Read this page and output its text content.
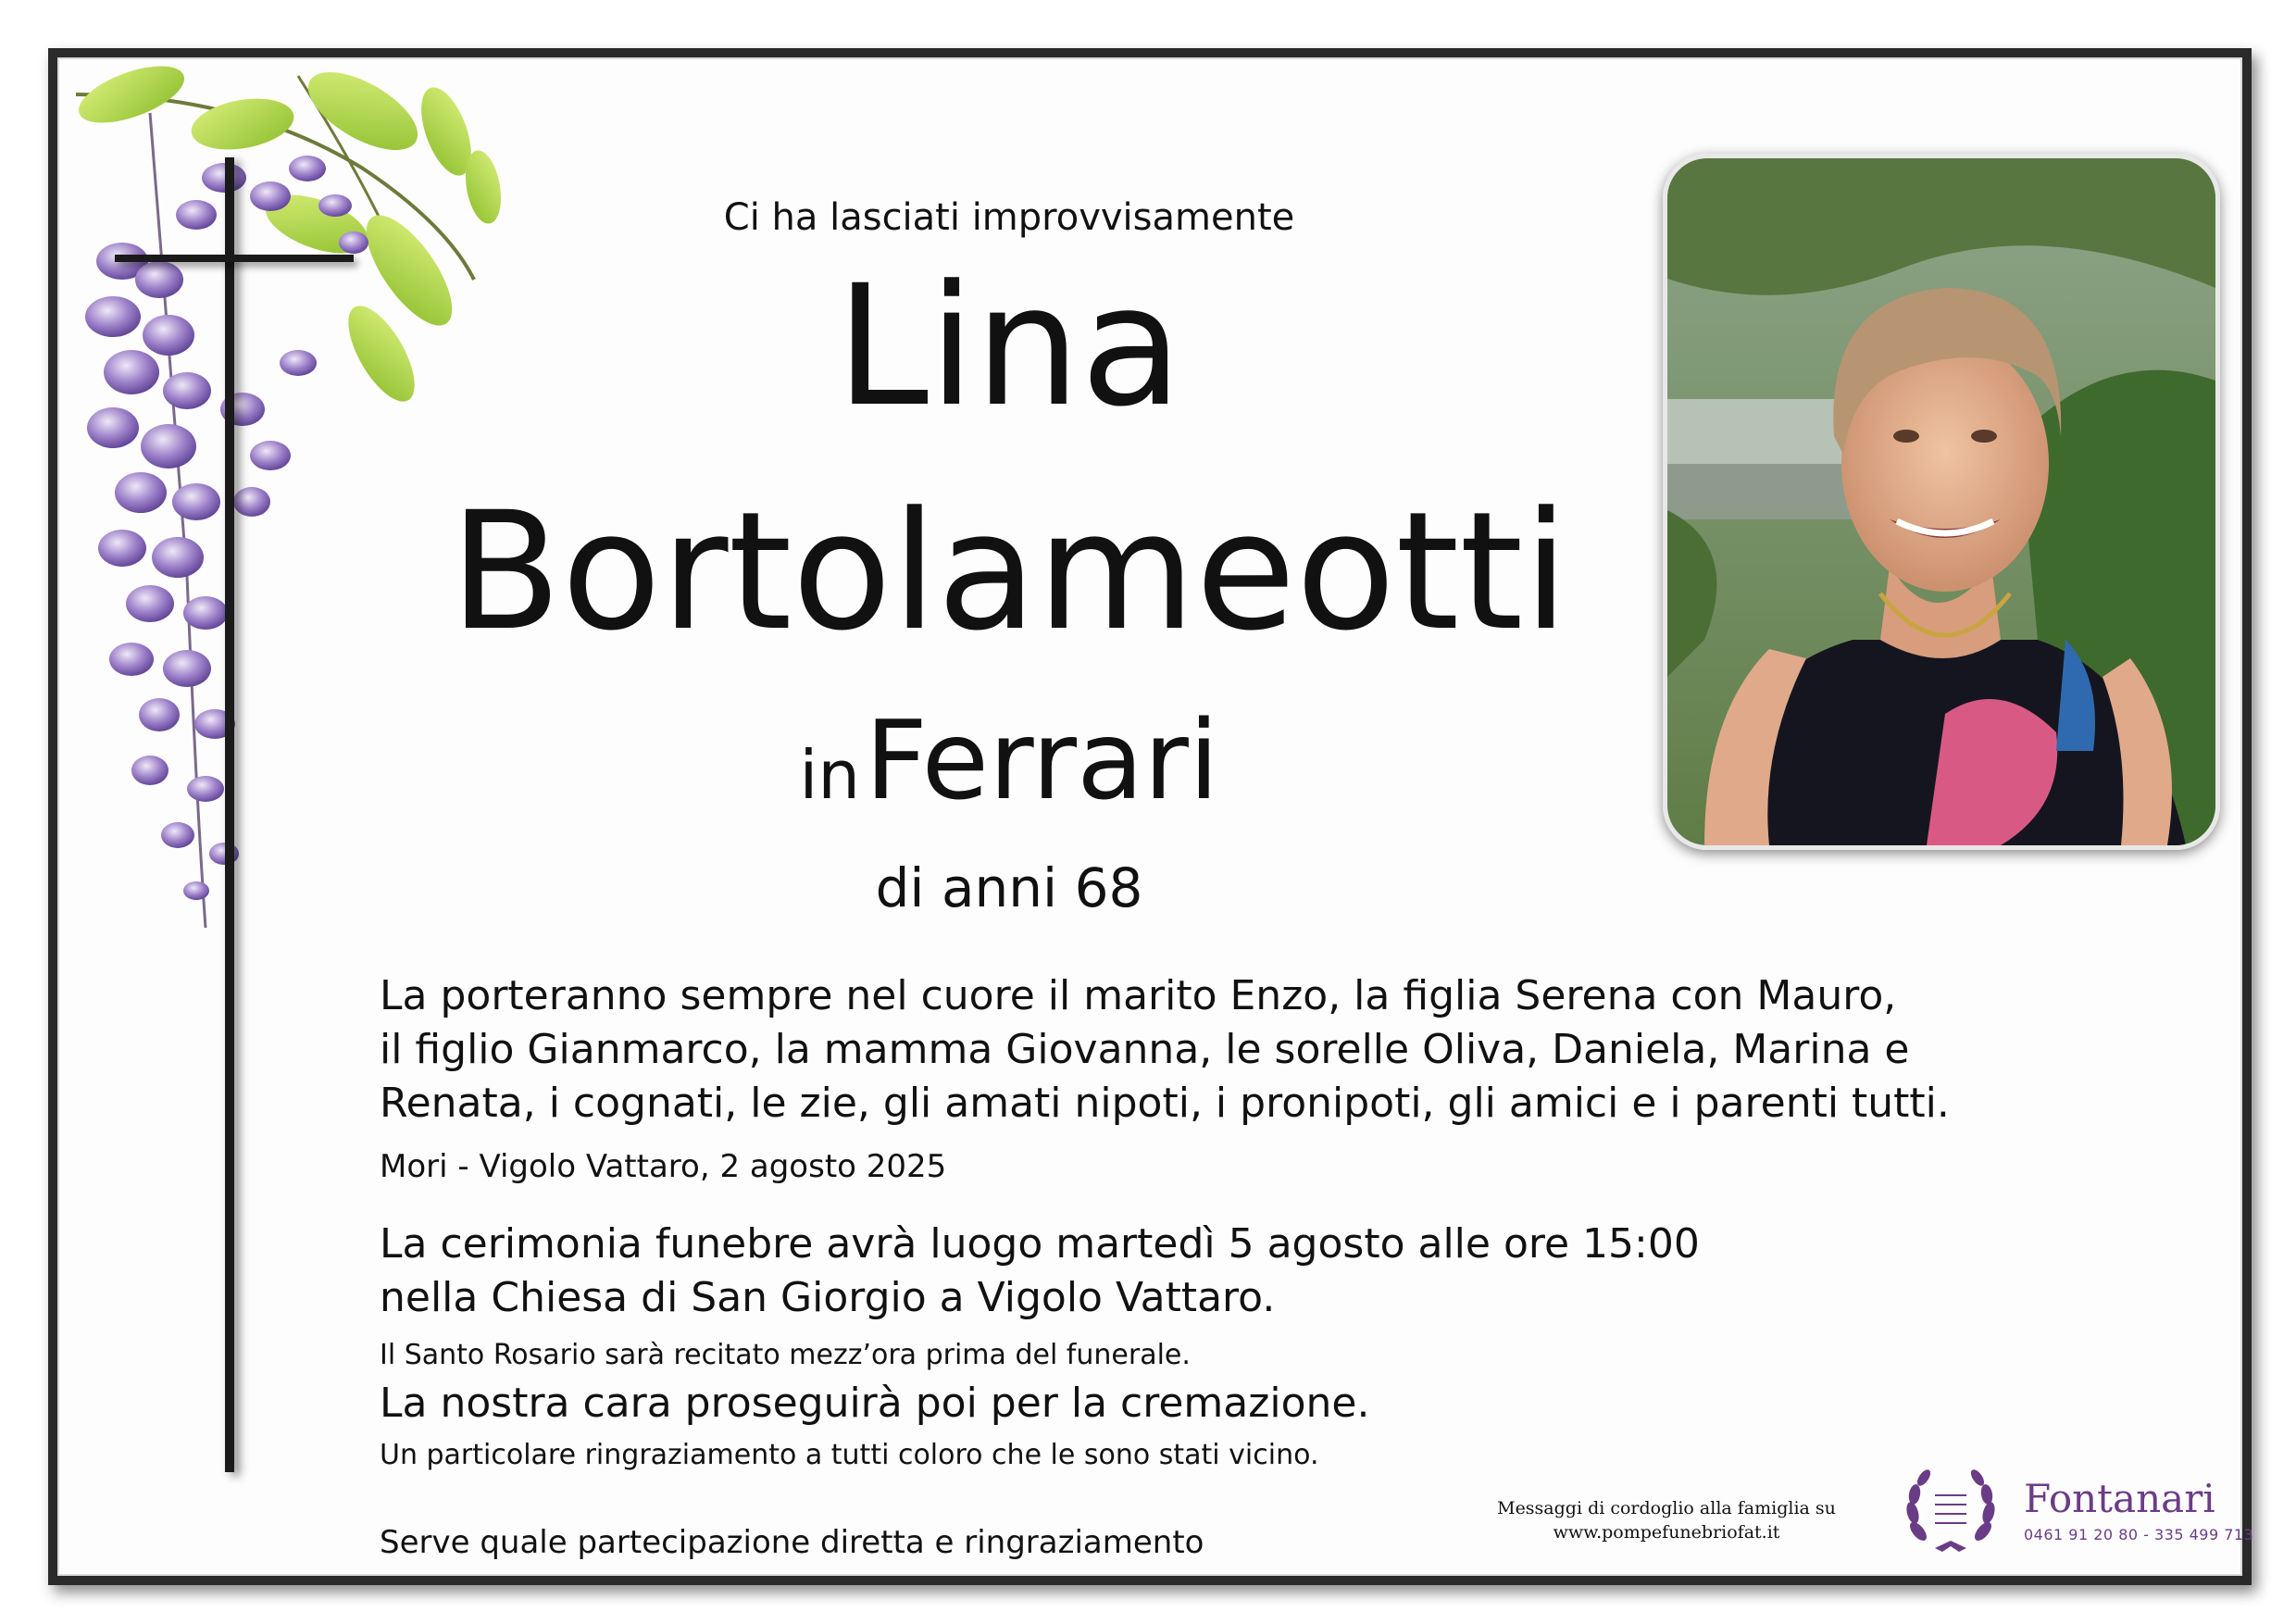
Ci ha lasciati improvvisamente
Lina
Bortolameotti
in Ferrari
di anni 68
La porteranno sempre nel cuore il marito Enzo, la figlia Serena con Mauro,
il figlio Gianmarco, la mamma Giovanna, le sorelle Oliva, Daniela, Marina e
Renata, i cognati, le zie, gli amati nipoti, i pronipoti, gli amici e i parenti tutti.
Mori - Vigolo Vattaro, 2 agosto 2025
La cerimonia funebre avrà luogo martedì 5 agosto alle ore 15:00
nella Chiesa di San Giorgio a Vigolo Vattaro.
Il Santo Rosario sarà recitato mezz’ora prima del funerale.
La nostra cara proseguirà poi per la cremazione.
Un particolare ringraziamento a tutti coloro che le sono stati vicino.
Serve quale partecipazione diretta e ringraziamento
Messaggi di cordoglio alla famiglia su
www.pompefunebriofat.it
Fontanari
0461 91 20 80 - 335 499 713
